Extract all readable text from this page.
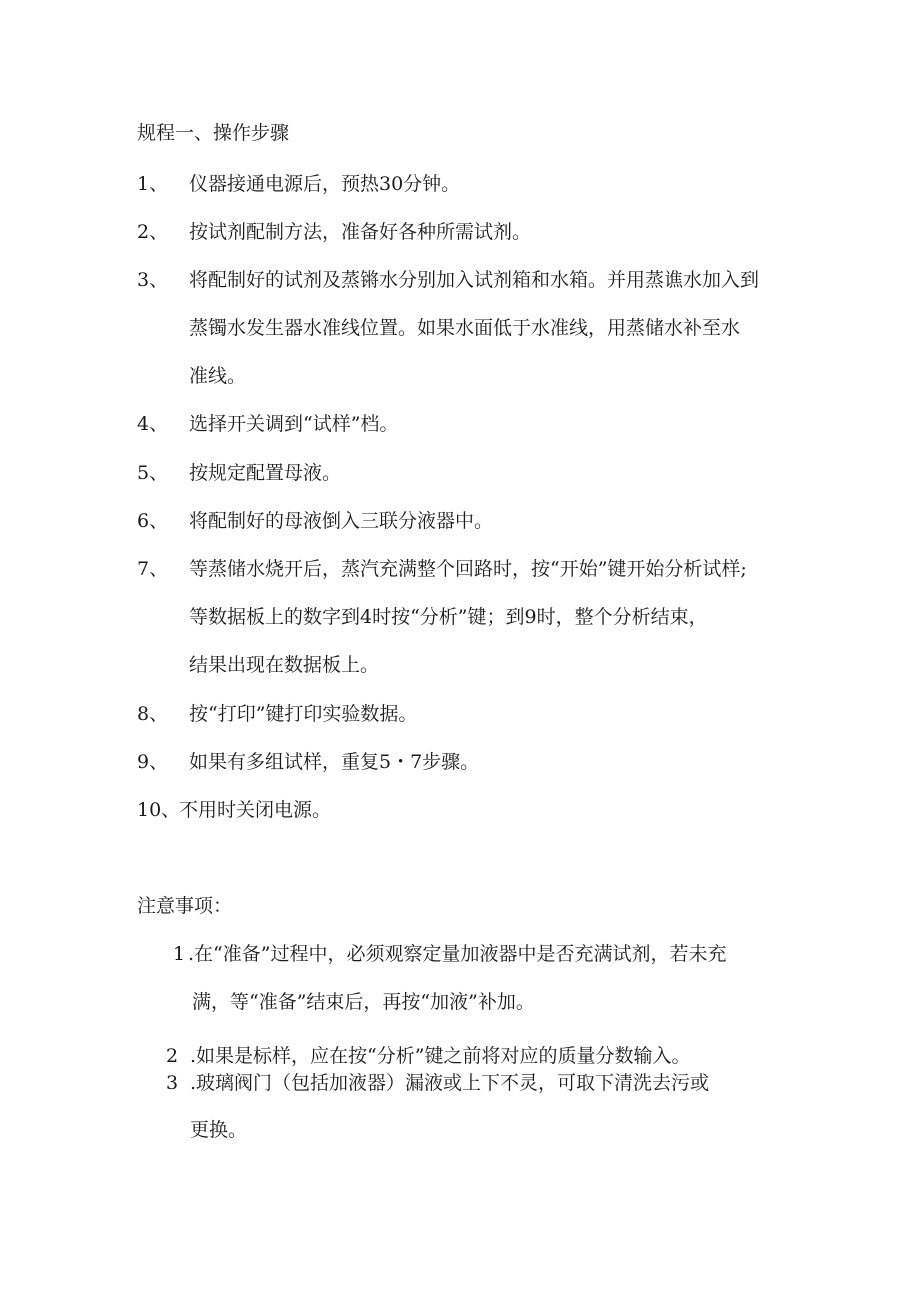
规程一、操作步骤
1、 仪器接通电源后，预热30分钟。
2、 按试剂配制方法，准备好各种所需试剂。
3、 将配制好的试剂及蒸锵水分别加入试剂箱和水箱。并用蒸谯水加入到
蒸镯水发生器水准线位置。如果水面低于水准线，用蒸储水补至水
准线。
4、 选择开关调到“试样”档。
5、 按规定配置母液。
6、 将配制好的母液倒入三联分液器中。
7、 等蒸储水烧开后，蒸汽充满整个回路时，按“开始”键开始分析试样;
等数据板上的数字到4时按“分析”键；到9时，整个分析结束，
结果出现在数据板上。
8、 按“打印”键打印实验数据。
9、 如果有多组试样，重复5・7步骤。
10、
不用时关闭电源。
注意事项：
1 .在“准备”过程中，必须观察定量加液器中是否充满试剂，若未充
满，等“准备”结束后，再按“加液”补加。
2 .如果是标样，应在按“分析”键之前将对应的质量分数输入。
3 .玻璃阀门（包括加液器）漏液或上下不灵，可取下清洗去污或
更换。
